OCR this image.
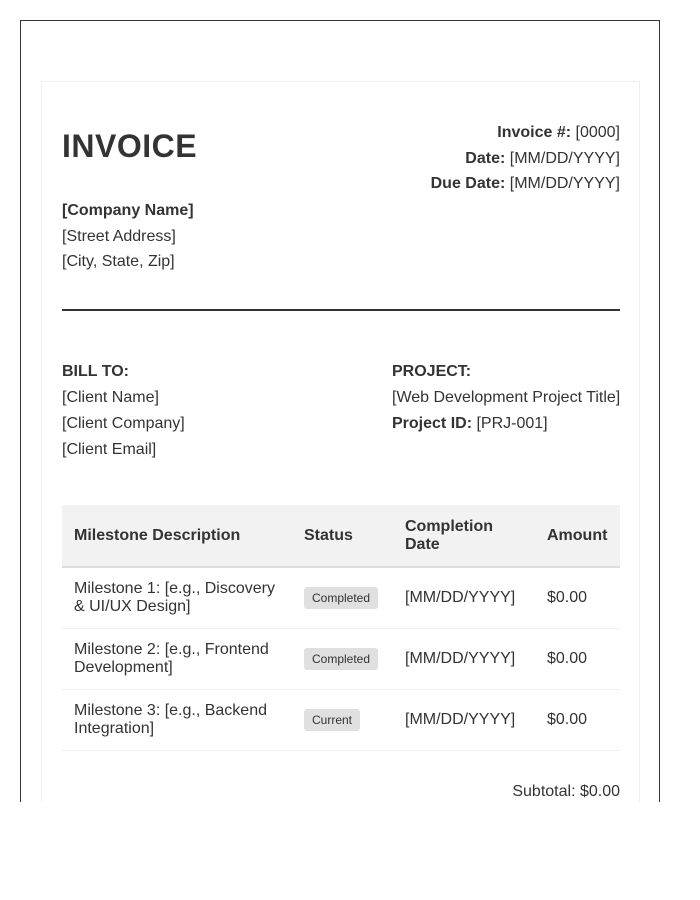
INVOICE	Invoice #: [0000]
Date: [MM/DD/YYYY]
Due Date: [MM/DD/YYYY]
[Company Name]
[Street Address]
[City, State, Zip]
BILL TO:
[Client Name]
[Client Company]
[Client Email]
PROJECT:
[Web Development Project Title]
Project ID: [PRJ-001]
Milestone Description	Status	Completion Date	Amount
Milestone 1: [e.g., Discovery & UI/UX Design]	Completed	[MM/DD/YYYY]	$0.00
Milestone 2: [e.g., Frontend Development]	Completed	[MM/DD/YYYY]	$0.00
Milestone 3: [e.g., Backend Integration]	Current	[MM/DD/YYYY]	$0.00
Subtotal: $0.00
